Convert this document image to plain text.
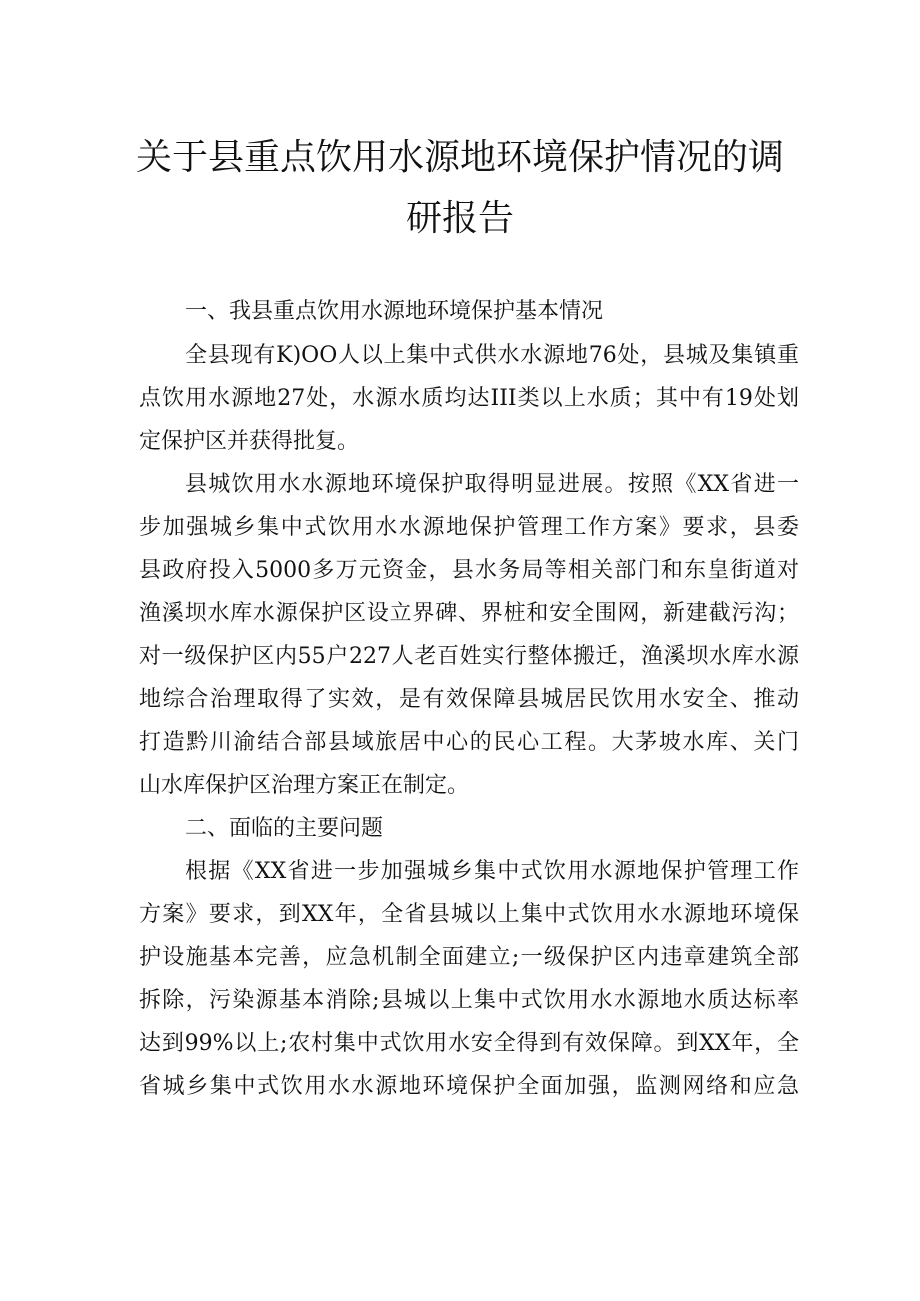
关于县重点饮用水源地环境保护情况的调
研报告
一、我县重点饮用水源地环境保护基本情况
全县现有K)OO人以上集中式供水水源地76处，县城及集镇重
点饮用水源地27处，水源水质均达III类以上水质；其中有19处划
定保护区并获得批复。
县城饮用水水源地环境保护取得明显进展。按照《XX省进一
步加强城乡集中式饮用水水源地保护管理工作方案》要求，县委
县政府投入5000多万元资金，县水务局等相关部门和东皇街道对
渔溪坝水库水源保护区设立界碑、界桩和安全围网，新建截污沟；
对一级保护区内55户227人老百姓实行整体搬迁，渔溪坝水库水源
地综合治理取得了实效，是有效保障县城居民饮用水安全、推动
打造黔川渝结合部县域旅居中心的民心工程。大茅坡水库、关门
山水库保护区治理方案正在制定。
二、面临的主要问题
根据《XX省进一步加强城乡集中式饮用水源地保护管理工作
方案》要求，到XX年，全省县城以上集中式饮用水水源地环境保
护设施基本完善，应急机制全面建立;一级保护区内违章建筑全部
拆除，污染源基本消除;县城以上集中式饮用水水源地水质达标率
达到99%以上;农村集中式饮用水安全得到有效保障。到XX年，全
省城乡集中式饮用水水源地环境保护全面加强，监测网络和应急
